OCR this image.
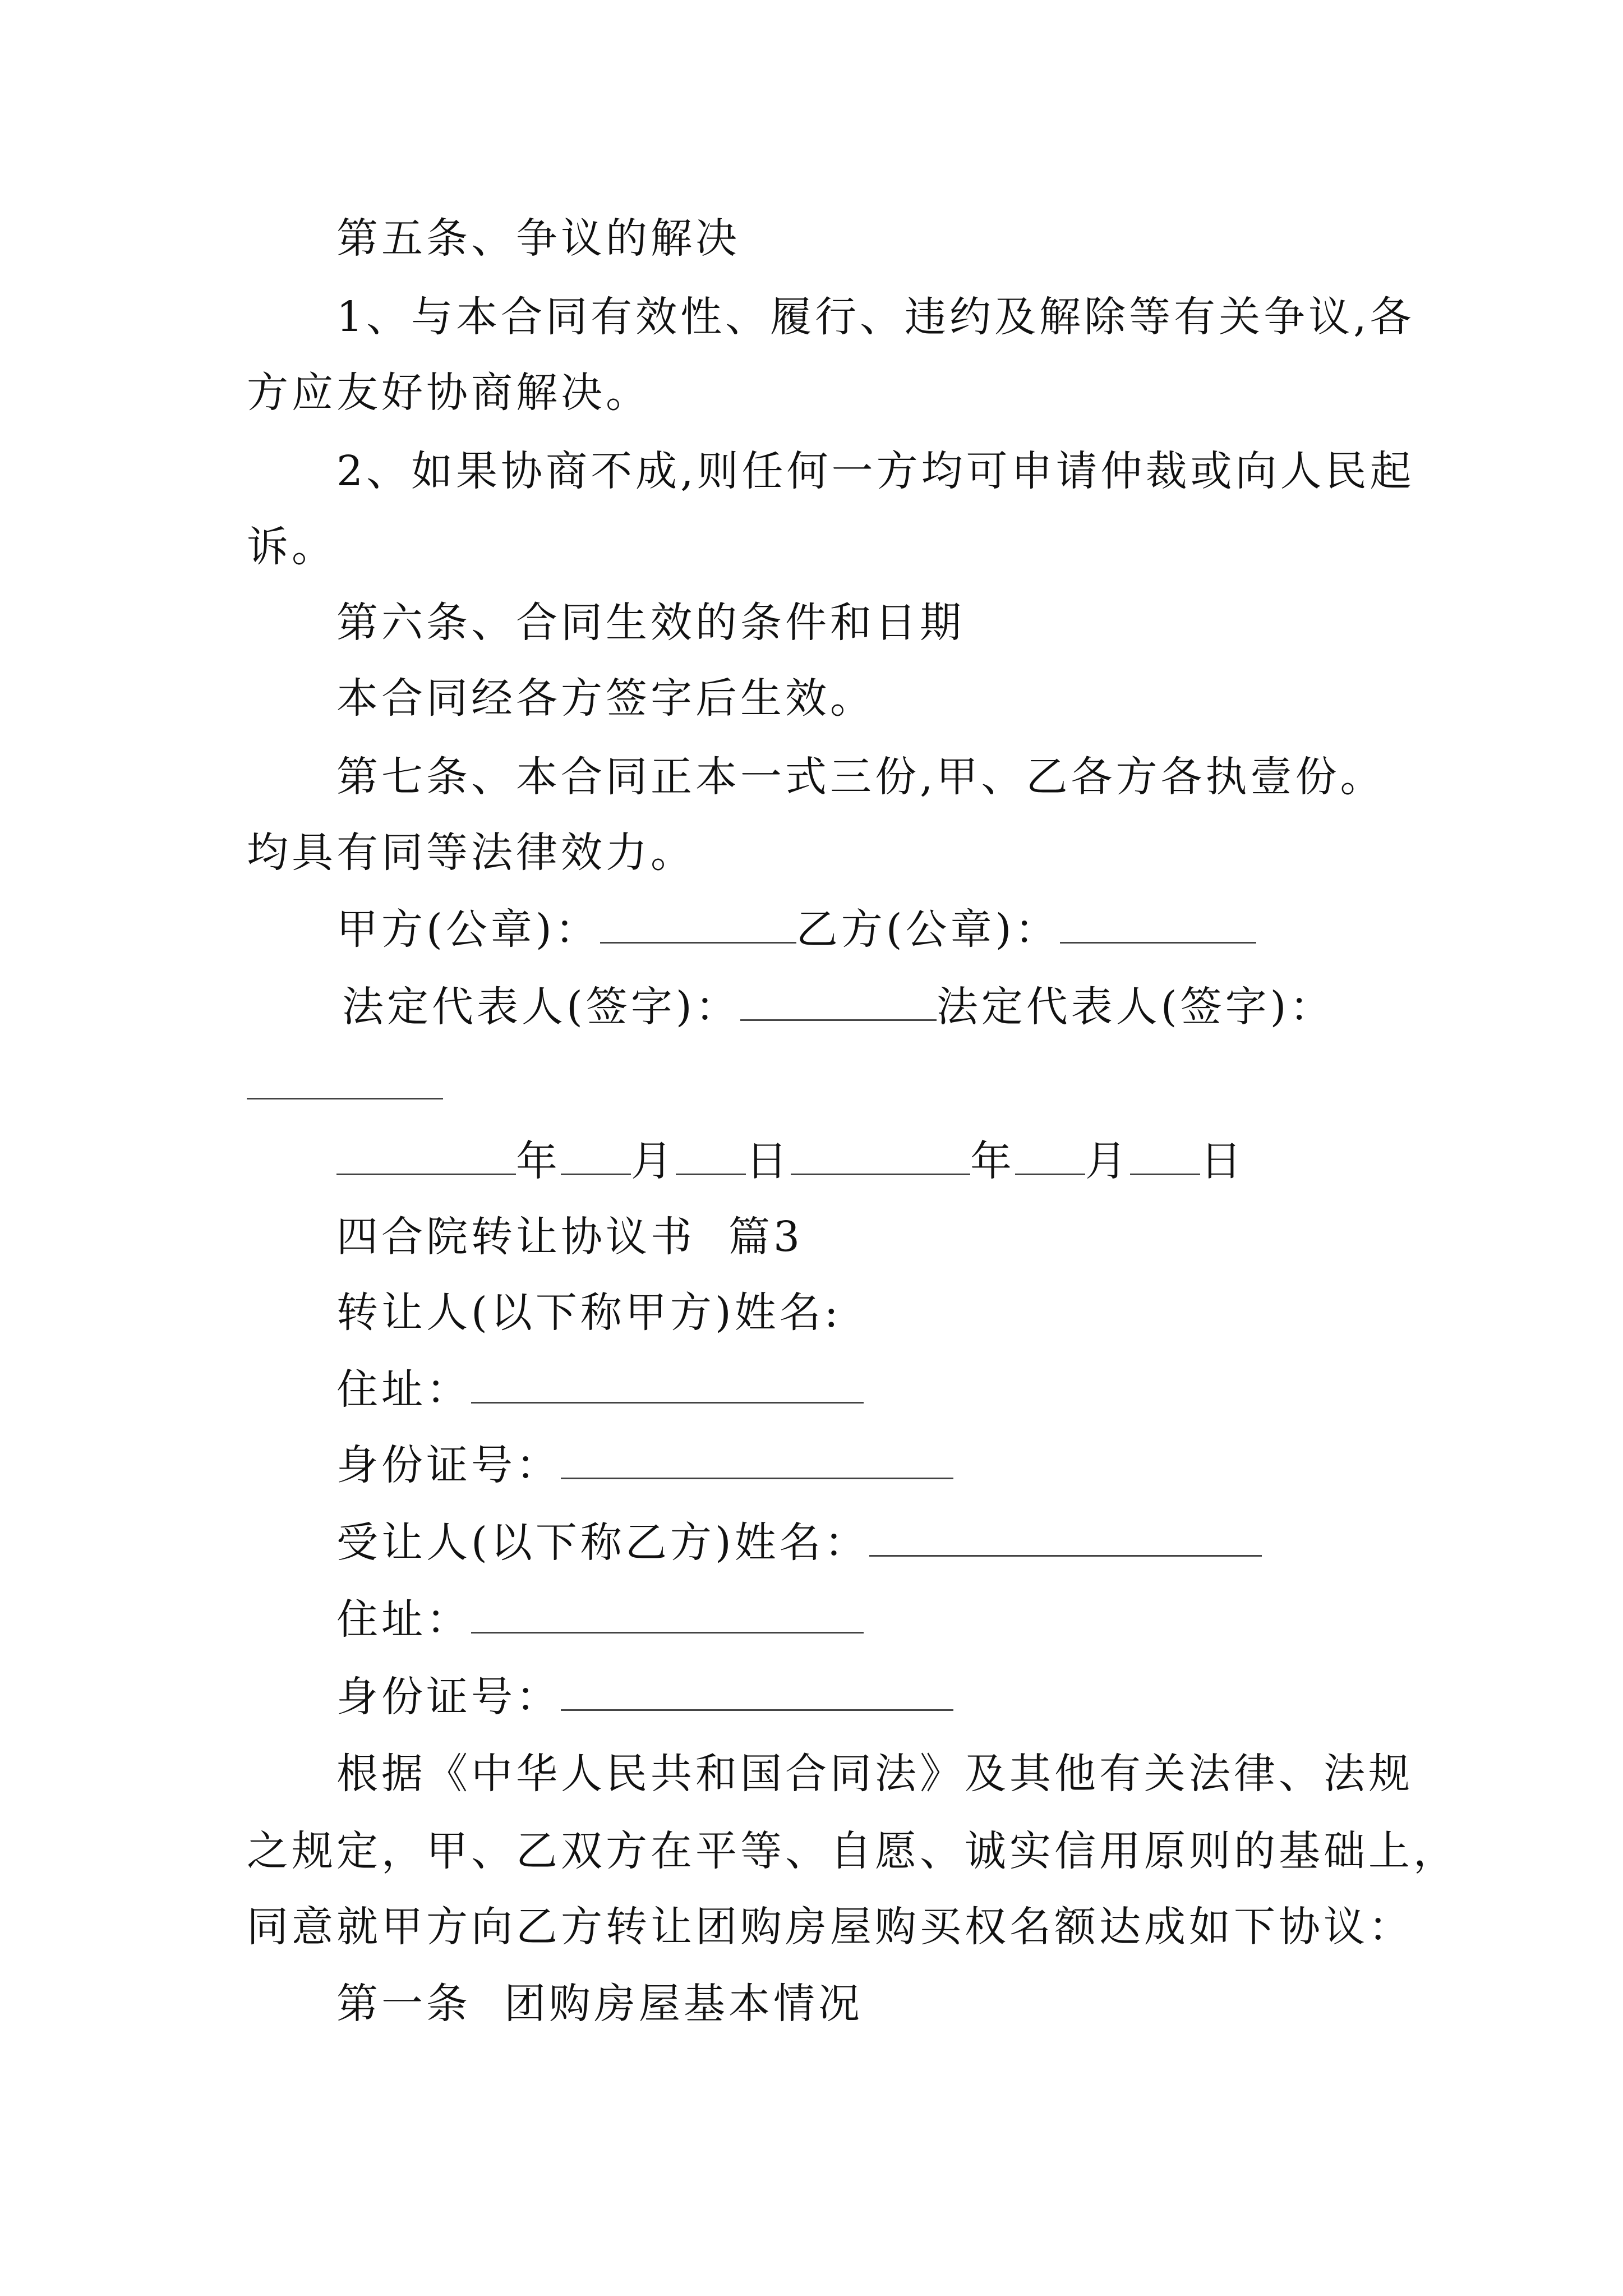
第五条、争议的解决
1、与本合同有效性、履行、违约及解除等有关争议,各
方应友好协商解决。
2、如果协商不成,则任何一方均可申请仲裁或向人民起
诉。
第六条、合同生效的条件和日期
本合同经各方签字后生效。
第七条、本合同正本一式三份,甲、乙各方各执壹份。
均具有同等法律效力。
甲方(公章)：	乙方(公章)：
法定代表人(签字)：	法定代表人(签字)：
年 月 日	年 月 日
四合院转让协议书  篇3
转让人(以下称甲方)姓名:
住址：
身份证号：
受让人(以下称乙方)姓名：
住址：
身份证号：
根据《中华人民共和国合同法》及其他有关法律、法规
之规定，甲、乙双方在平等、自愿、诚实信用原则的基础上，
同意就甲方向乙方转让团购房屋购买权名额达成如下协议：
第一条  团购房屋基本情况
